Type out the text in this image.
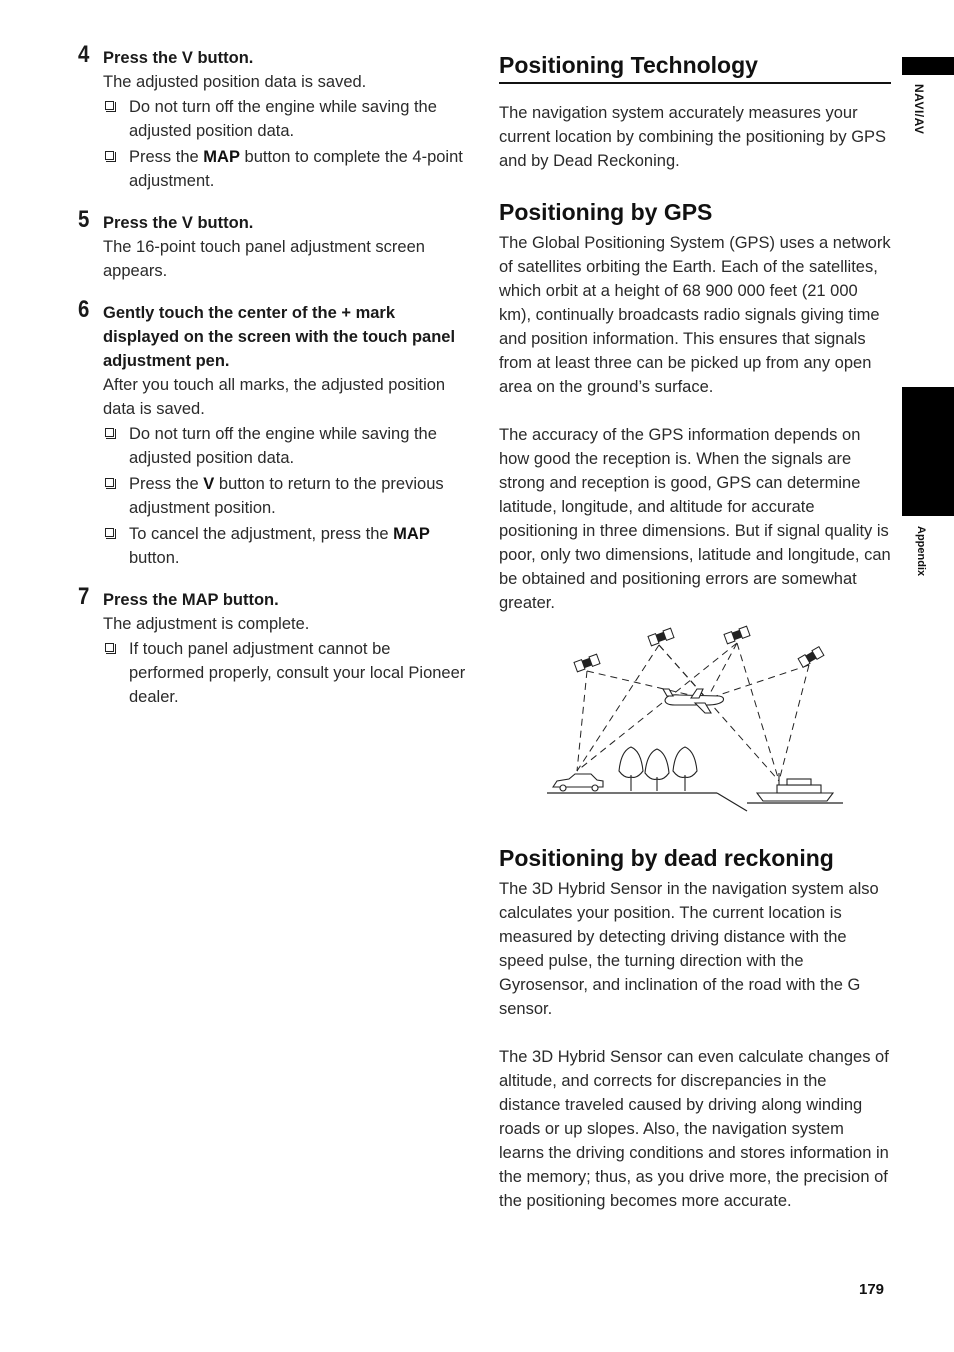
4 Press the V button.
The adjusted position data is saved.
Do not turn off the engine while saving the adjusted position data.
Press the MAP button to complete the 4-point adjustment.
5 Press the V button.
The 16-point touch panel adjustment screen appears.
6 Gently touch the center of the + mark displayed on the screen with the touch panel adjustment pen.
After you touch all marks, the adjusted position data is saved.
Do not turn off the engine while saving the adjusted position data.
Press the V button to return to the previous adjustment position.
To cancel the adjustment, press the MAP button.
7 Press the MAP button.
The adjustment is complete.
If touch panel adjustment cannot be performed properly, consult your local Pioneer dealer.
Positioning Technology

The navigation system accurately measures your current location by combining the positioning by GPS and by Dead Reckoning.

Positioning by GPS

The Global Positioning System (GPS) uses a network of satellites orbiting the Earth. Each of the satellites, which orbit at a height of 68 900 000 feet (21 000 km), continually broadcasts radio signals giving time and position information. This ensures that signals from at least three can be picked up from any open area on the ground’s surface.

The accuracy of the GPS information depends on how good the reception is. When the signals are strong and reception is good, GPS can determine latitude, longitude, and altitude for accurate positioning in three dimensions. But if signal quality is poor, only two dimensions, latitude and longitude, can be obtained and positioning errors are somewhat greater.

Positioning by dead reckoning

The 3D Hybrid Sensor in the navigation system also calculates your position. The current location is measured by detecting driving distance with the speed pulse, the turning direction with the Gyrosensor, and inclination of the road with the G sensor.

The 3D Hybrid Sensor can even calculate changes of altitude, and corrects for discrepancies in the distance traveled caused by driving along winding roads or up slopes. Also, the navigation system learns the driving conditions and stores information in the memory; thus, as you drive more, the precision of the positioning becomes more accurate.

NAVI/AV
Appendix
179
